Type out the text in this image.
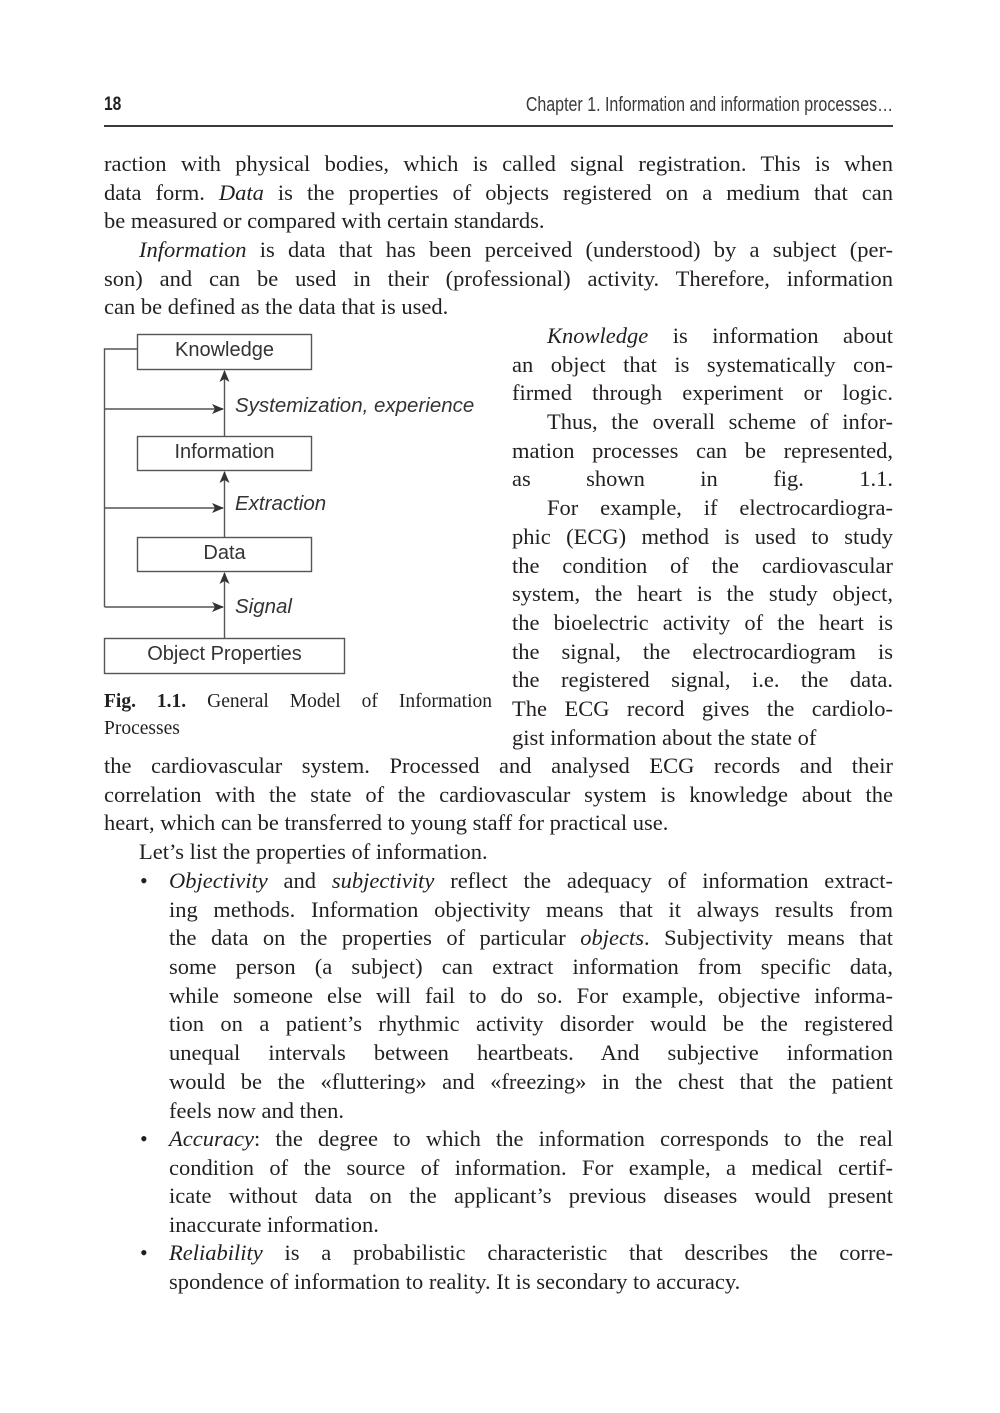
18	Chapter 1. Information and information processes…
raction with physical bodies, which is called signal registration. This is when
data form. Data is the properties of objects registered on a medium that can
be measured or compared with certain standards.
Information is data that has been perceived (understood) by a subject (per-
son) and can be used in their (professional) activity. Therefore, information
can be defined as the data that is used.
Knowledge is information about
an object that is systematically con-
firmed through experiment or logic.
Thus, the overall scheme of infor-
mation processes can be represented,
as shown in fig. 1.1.
For example, if electrocardiogra-
phic (ECG) method is used to study
the condition of the cardiovascular
system, the heart is the study object,
the bioelectric activity of the heart is
the signal, the electrocardiogram is
the registered signal, i.e. the data.
The ECG record gives the cardiolo-
gist information about the state of
Knowledge
Information
Data
Object Properties
Systemization, experience
Extraction
Signal
Fig. 1.1. General Model of Information
Processes
the cardiovascular system. Processed and analysed ECG records and their
correlation with the state of the cardiovascular system is knowledge about the
heart, which can be transferred to young staff for practical use.
Let’s list the properties of information.
• Objectivity and subjectivity reflect the adequacy of information extract-
ing methods. Information objectivity means that it always results from
the data on the properties of particular objects. Subjectivity means that
some person (a subject) can extract information from specific data,
while someone else will fail to do so. For example, objective informa-
tion on a patient’s rhythmic activity disorder would be the registered
unequal intervals between heartbeats. And subjective information
would be the «fluttering» and «freezing» in the chest that the patient
feels now and then.
• Accuracy: the degree to which the information corresponds to the real
condition of the source of information. For example, a medical certif-
icate without data on the applicant’s previous diseases would present
inaccurate information.
• Reliability is a probabilistic characteristic that describes the corre-
spondence of information to reality. It is secondary to accuracy.
